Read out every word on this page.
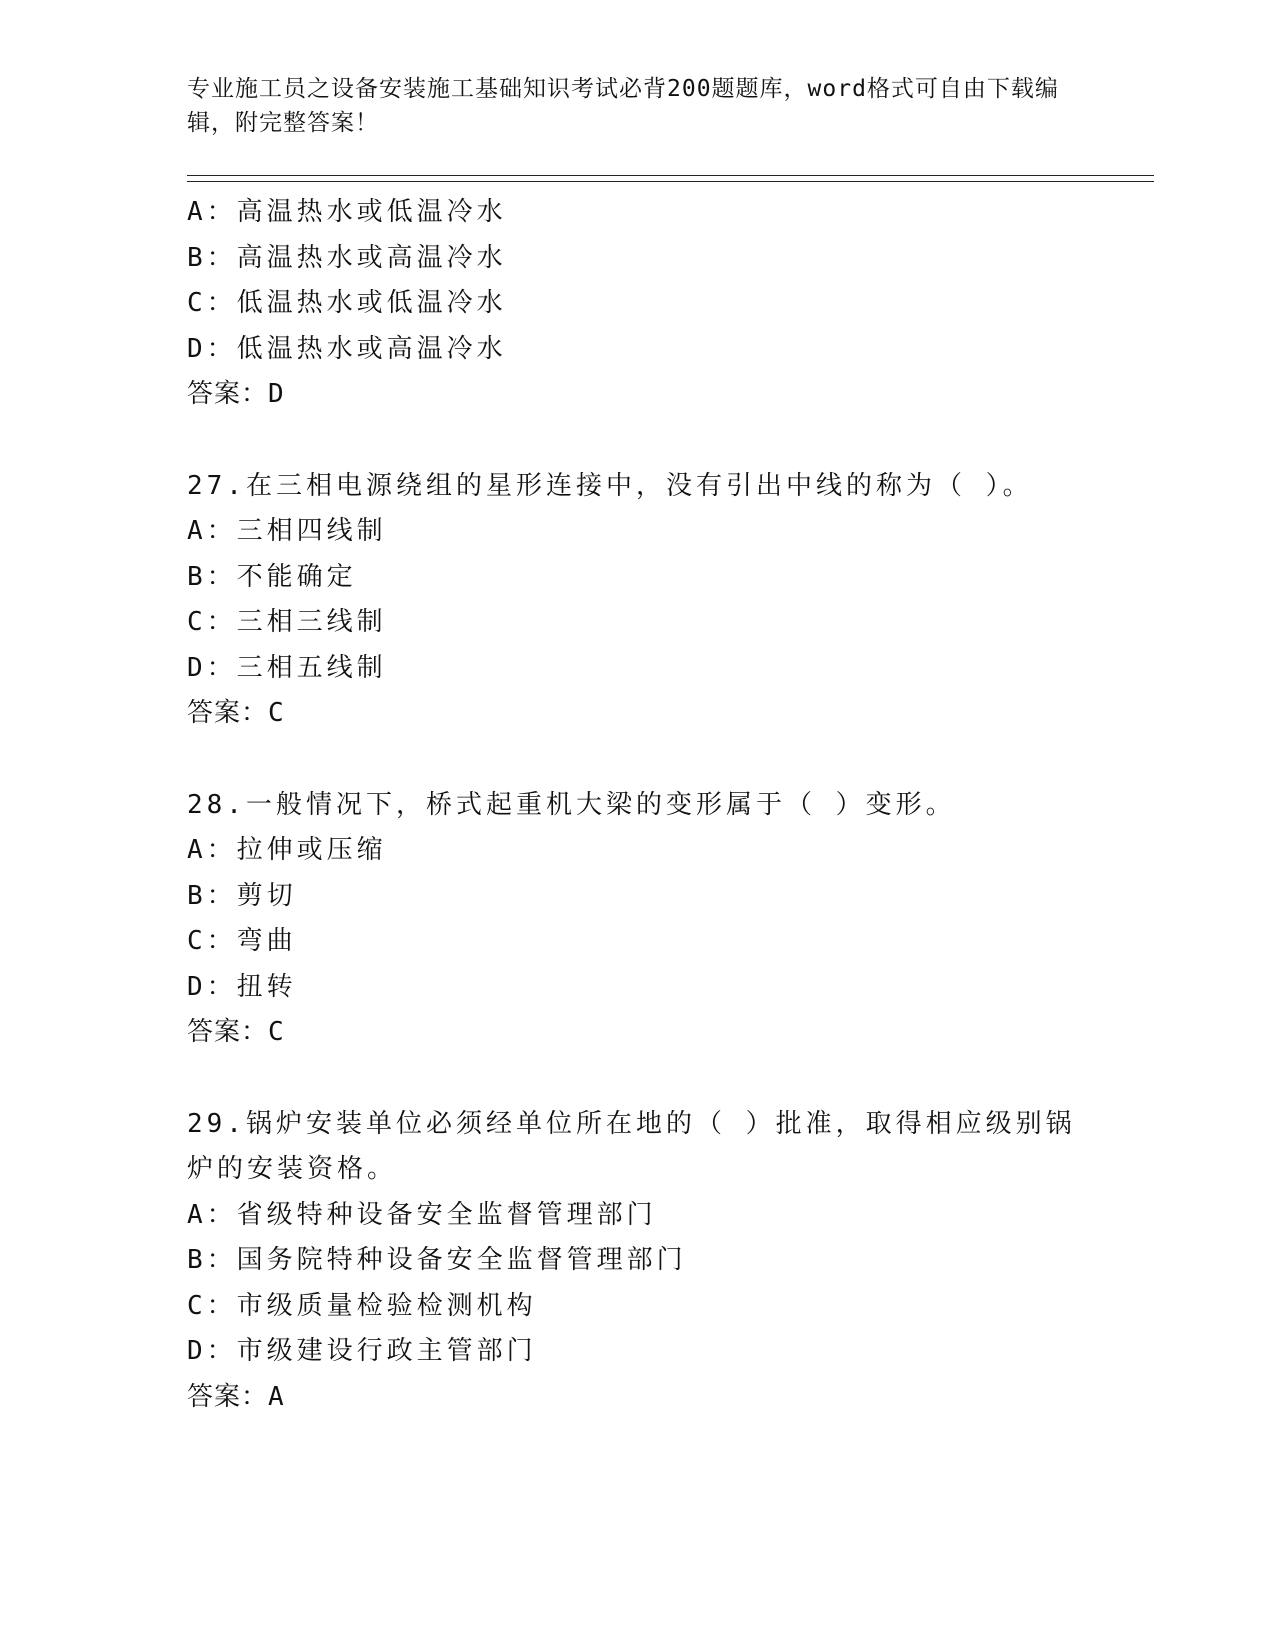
专业施工员之设备安装施工基础知识考试必背200题题库，word格式可自由下载编辑，附完整答案！
A：高温热水或低温冷水
B：高温热水或高温冷水
C：低温热水或低温冷水
D：低温热水或高温冷水
答案：D
27.在三相电源绕组的星形连接中，没有引出中线的称为（ ）。
A：三相四线制
B：不能确定
C：三相三线制
D：三相五线制
答案：C
28.一般情况下，桥式起重机大梁的变形属于（ ）变形。
A：拉伸或压缩
B：剪切
C：弯曲
D：扭转
答案：C
29.锅炉安装单位必须经单位所在地的（ ）批准，取得相应级别锅炉的安装资格。
A：省级特种设备安全监督管理部门
B：国务院特种设备安全监督管理部门
C：市级质量检验检测机构
D：市级建设行政主管部门
答案：A
